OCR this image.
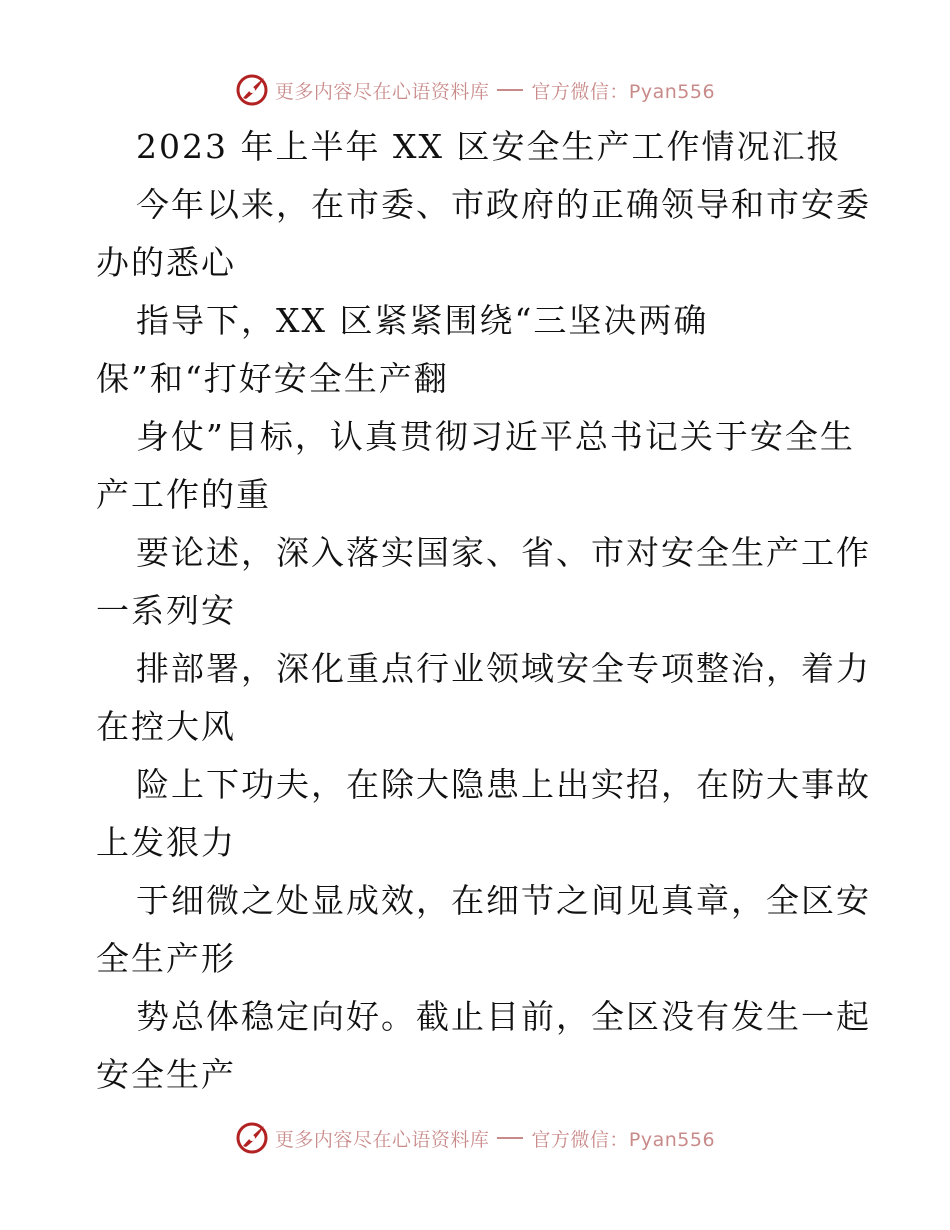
更多内容尽在心语资料库 官方微信：Pyan556
2023 年上半年 XX 区安全生产工作情况汇报
今年以来，在市委、市政府的正确领导和市安委
办的悉心
指导下，XX 区紧紧围绕“三坚决两确
保”和“打好安全生产翻
身仗”目标，认真贯彻习近平总书记关于安全生
产工作的重
要论述，深入落实国家、省、市对安全生产工作
一系列安
排部署，深化重点行业领域安全专项整治，着力
在控大风
险上下功夫，在除大隐患上出实招，在防大事故
上发狠力
于细微之处显成效，在细节之间见真章，全区安
全生产形
势总体稳定向好。截止目前，全区没有发生一起
安全生产
更多内容尽在心语资料库 官方微信：Pyan556
